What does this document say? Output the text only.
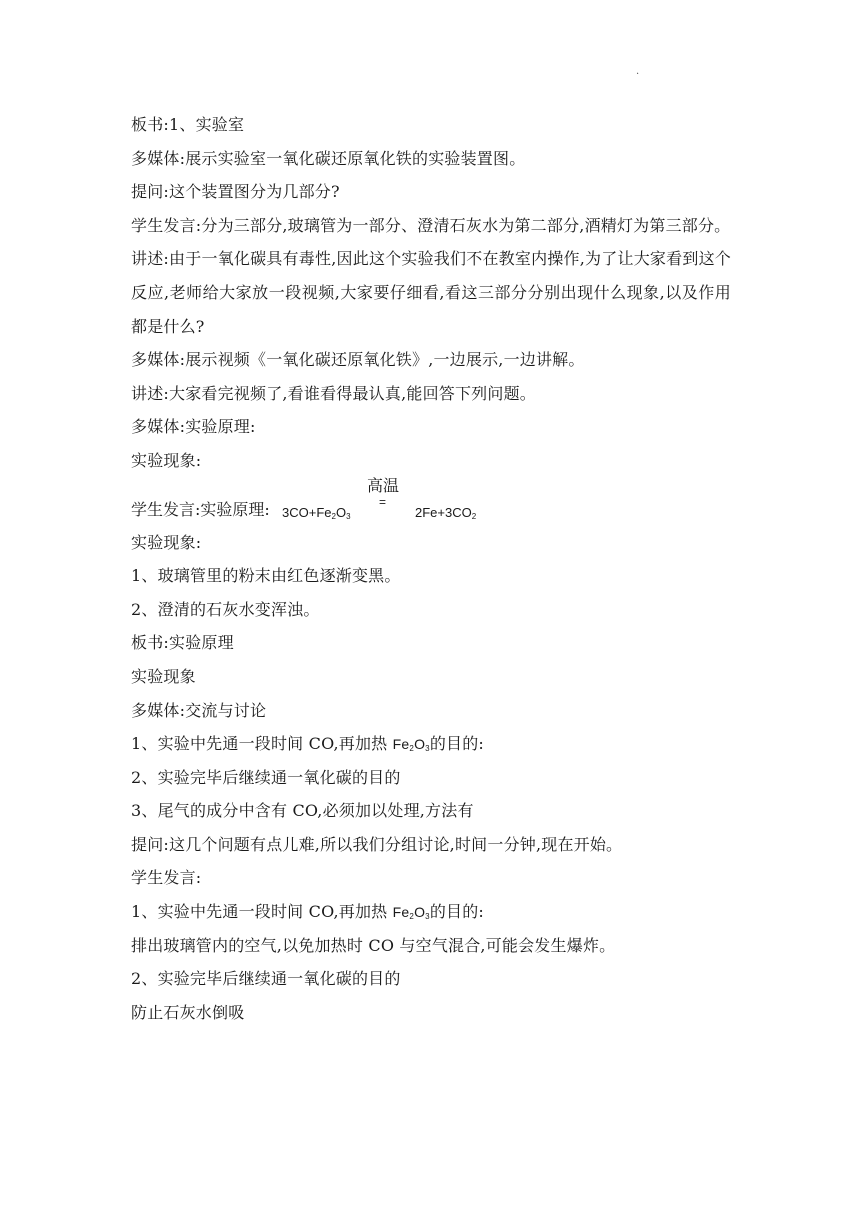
.
板书:1、实验室
多媒体:展示实验室一氧化碳还原氧化铁的实验装置图。
提问:这个装置图分为几部分?
学生发言:分为三部分,玻璃管为一部分、澄清石灰水为第二部分,酒精灯为第三部分。
讲述:由于一氧化碳具有毒性,因此这个实验我们不在教室内操作,为了让大家看到这个反应,老师给大家放一段视频,大家要仔细看,看这三部分分别出现什么现象,以及作用都是什么?
多媒体:展示视频《一氧化碳还原氧化铁》,一边展示,一边讲解。
讲述:大家看完视频了,看谁看得最认真,能回答下列问题。
多媒体:实验原理:
实验现象:
学生发言:实验原理: $3CO+Fe_2O_3$
高温
=
$2Fe+3CO_2$
实验现象:
1、玻璃管里的粉末由红色逐渐变黑。
2、澄清的石灰水变浑浊。
板书:实验原理
实验现象
多媒体:交流与讨论
1、实验中先通一段时间 CO,再加热 $Fe_2O_3$的目的:
2、实验完毕后继续通一氧化碳的目的
3、尾气的成分中含有 CO,必须加以处理,方法有
提问:这几个问题有点儿难,所以我们分组讨论,时间一分钟,现在开始。
学生发言:
1、实验中先通一段时间 CO,再加热 $Fe_2O_3$的目的:
排出玻璃管内的空气,以免加热时 CO 与空气混合,可能会发生爆炸。
2、实验完毕后继续通一氧化碳的目的
防止石灰水倒吸
